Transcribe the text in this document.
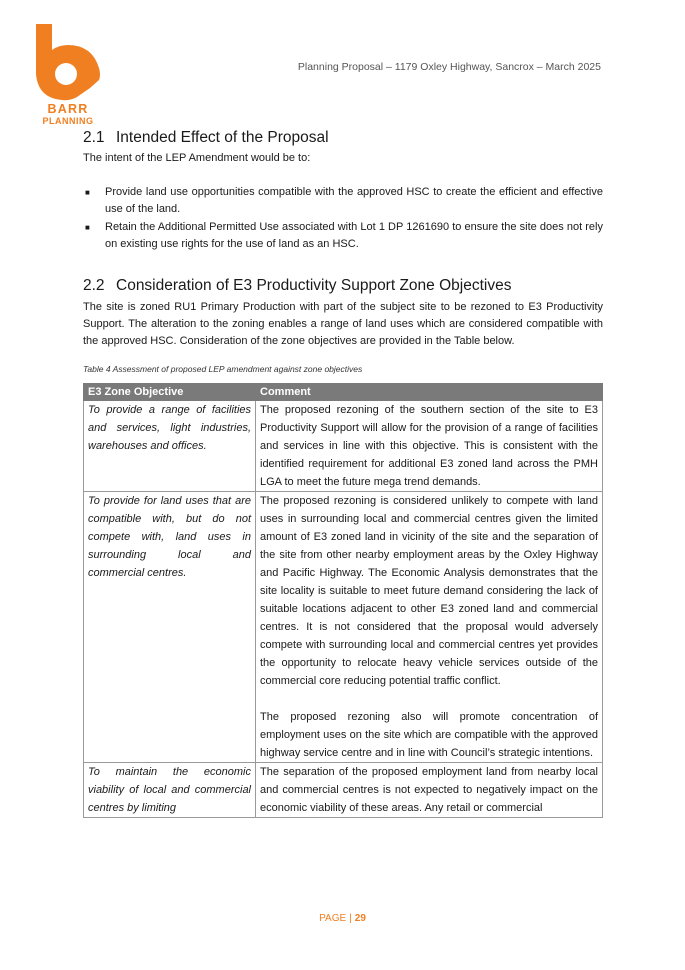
BARR
PLANNING
Planning Proposal – 1179 Oxley Highway, Sancrox – March 2025
2.1 Intended Effect of the Proposal

The intent of the LEP Amendment would be to:

■ Provide land use opportunities compatible with the approved HSC to create the efficient and effective use of the land.
■ Retain the Additional Permitted Use associated with Lot 1 DP 1261690 to ensure the site does not rely on existing use rights for the use of land as an HSC.
2.2 Consideration of E3 Productivity Support Zone Objectives

The site is zoned RU1 Primary Production with part of the subject site to be rezoned to E3 Productivity Support. The alteration to the zoning enables a range of land uses which are considered compatible with the approved HSC. Consideration of the zone objectives are provided in the Table below.

Table 4 Assessment of proposed LEP amendment against zone objectives
E3 Zone Objective	Comment
To provide a range of facilities and services, light industries, warehouses and offices.	The proposed rezoning of the southern section of the site to E3 Productivity Support will allow for the provision of a range of facilities and services in line with this objective. This is consistent with the identified requirement for additional E3 zoned land across the PMH LGA to meet the future mega trend demands.

To provide for land uses that are compatible with, but do not compete with, land uses in surrounding local and commercial centres.	The proposed rezoning is considered unlikely to compete with land uses in surrounding local and commercial centres given the limited amount of E3 zoned land in vicinity of the site and the separation of the site from other nearby employment areas by the Oxley Highway and Pacific Highway. The Economic Analysis demonstrates that the site locality is suitable to meet future demand considering the lack of suitable locations adjacent to other E3 zoned land and commercial centres. It is not considered that the proposal would adversely compete with surrounding local and commercial centres yet provides the opportunity to relocate heavy vehicle services outside of the commercial core reducing potential traffic conflict.
The proposed rezoning also will promote concentration of employment uses on the site which are compatible with the approved highway service centre and in line with Council’s strategic intentions.

To maintain the economic viability of local and commercial centres by limiting	The separation of the proposed employment land from nearby local and commercial centres is not expected to negatively impact on the economic viability of these areas. Any retail or commercial
PAGE | 29
